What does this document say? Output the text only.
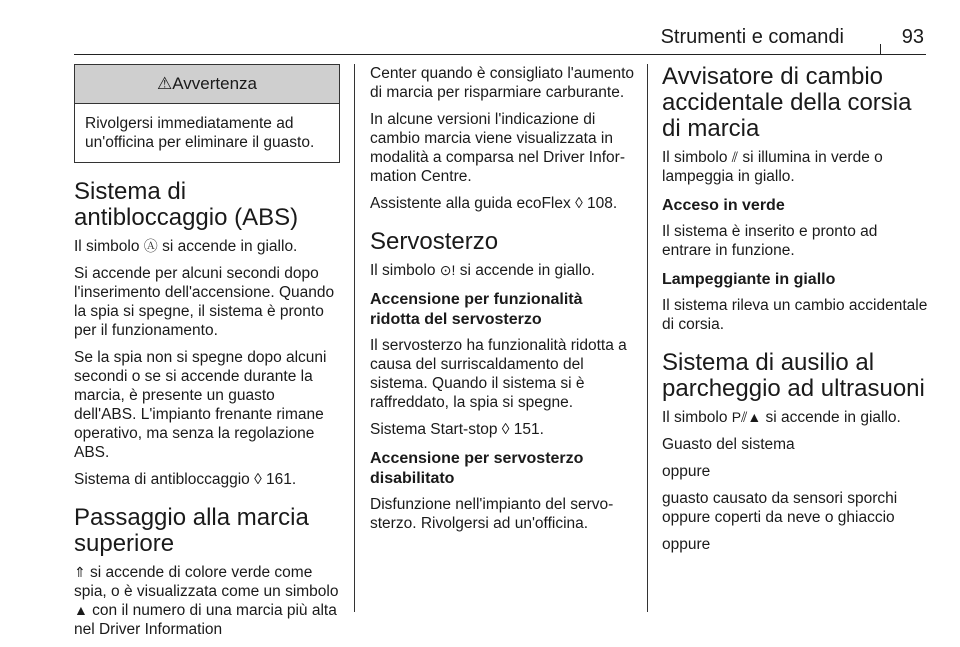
Strumenti e comandi	93
⚠Avvertenza
Rivolgersi immediatamente ad un'officina per eliminare il guasto.
Sistema di antibloccaggio (ABS)

Il simbolo Ⓐ si accende in giallo.

Si accende per alcuni secondi dopo l'inserimento dell'accensione. Quando la spia si spegne, il sistema è pronto per il funzionamento.

Se la spia non si spegne dopo alcuni secondi o se si accende durante la marcia, è presente un guasto dell'ABS. L'impianto frenante rimane operativo, ma senza la regolazione ABS.

Sistema di antibloccaggio ◊ 161.

Passaggio alla marcia superiore

⇑ si accende di colore verde come spia, o è visualizzata come un simbolo ▲ con il numero di una marcia più alta nel Driver Information

Center quando è consigliato l'aumento di marcia per risparmiare carburante.

In alcune versioni l'indicazione di cambio marcia viene visualizzata in modalità a comparsa nel Driver Information Centre.

Assistente alla guida ecoFlex ◊ 108.

Servosterzo

Il simbolo ⊙! si accende in giallo.

Accensione per funzionalità ridotta del servosterzo

Il servosterzo ha funzionalità ridotta a causa del surriscaldamento del sistema. Quando il sistema si è raffreddato, la spia si spegne.

Sistema Start-stop ◊ 151.

Accensione per servosterzo disabilitato

Disfunzione nell'impianto del servosterzo. Rivolgersi ad un'officina.

Avvisatore di cambio accidentale della corsia di marcia

Il simbolo ⫽ si illumina in verde o lampeggia in giallo.

Acceso in verde

Il sistema è inserito e pronto ad entrare in funzione.

Lampeggiante in giallo

Il sistema rileva un cambio accidentale di corsia.

Sistema di ausilio al parcheggio ad ultrasuoni

Il simbolo P⫽▲ si accende in giallo.

Guasto del sistema

oppure

guasto causato da sensori sporchi oppure coperti da neve o ghiaccio

oppure
